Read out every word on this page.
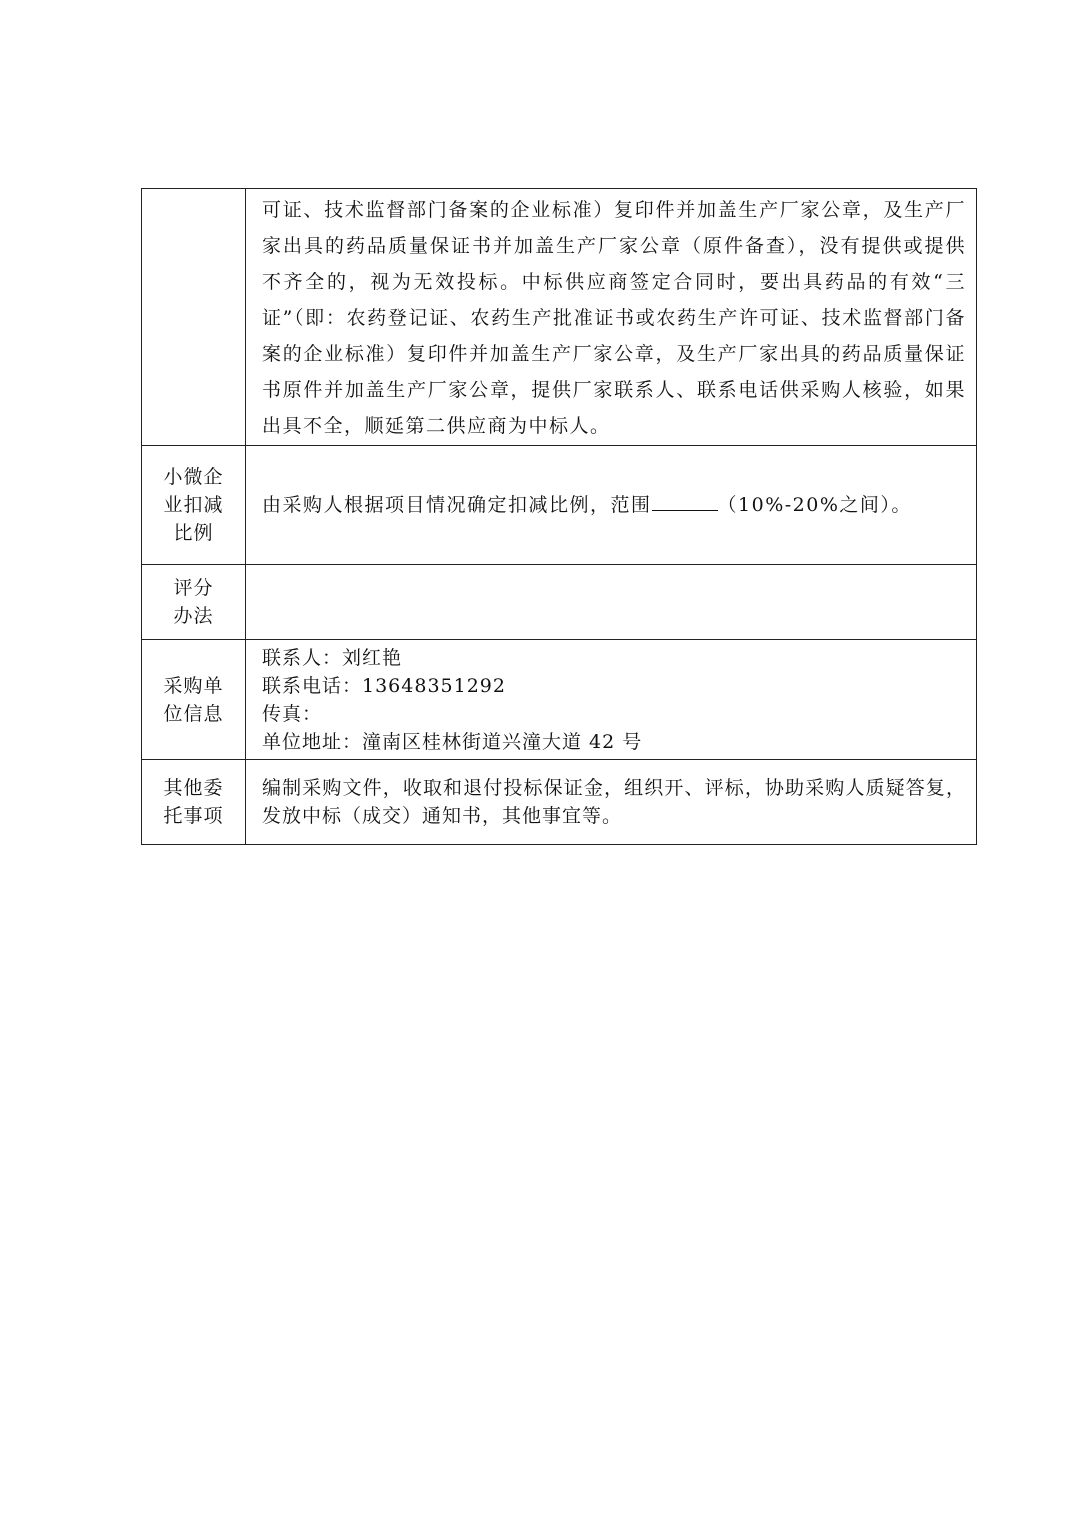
	可证、技术监督部门备案的企业标准）复印件并加盖生产厂家公章，及生产厂家出具的药品质量保证书并加盖生产厂家公章（原件备查），没有提供或提供不齐全的，视为无效投标。中标供应商签定合同时，要出具药品的有效“三证”（即：农药登记证、农药生产批准证书或农药生产许可证、技术监督部门备案的企业标准）复印件并加盖生产厂家公章，及生产厂家出具的药品质量保证书原件并加盖生产厂家公章，提供厂家联系人、联系电话供采购人核验，如果出具不全，顺延第二供应商为中标人。

小微企业扣减比例	由采购人根据项目情况确定扣减比例，范围 （10%-20%之间）。

评分办法	

采购单位信息	联系人：刘红艳
联系电话：13648351292
传真：
单位地址：潼南区桂林街道兴潼大道 42 号

其他委托事项	编制采购文件，收取和退付投标保证金，组织开、评标，协助采购人质疑答复，发放中标（成交）通知书，其他事宜等。
